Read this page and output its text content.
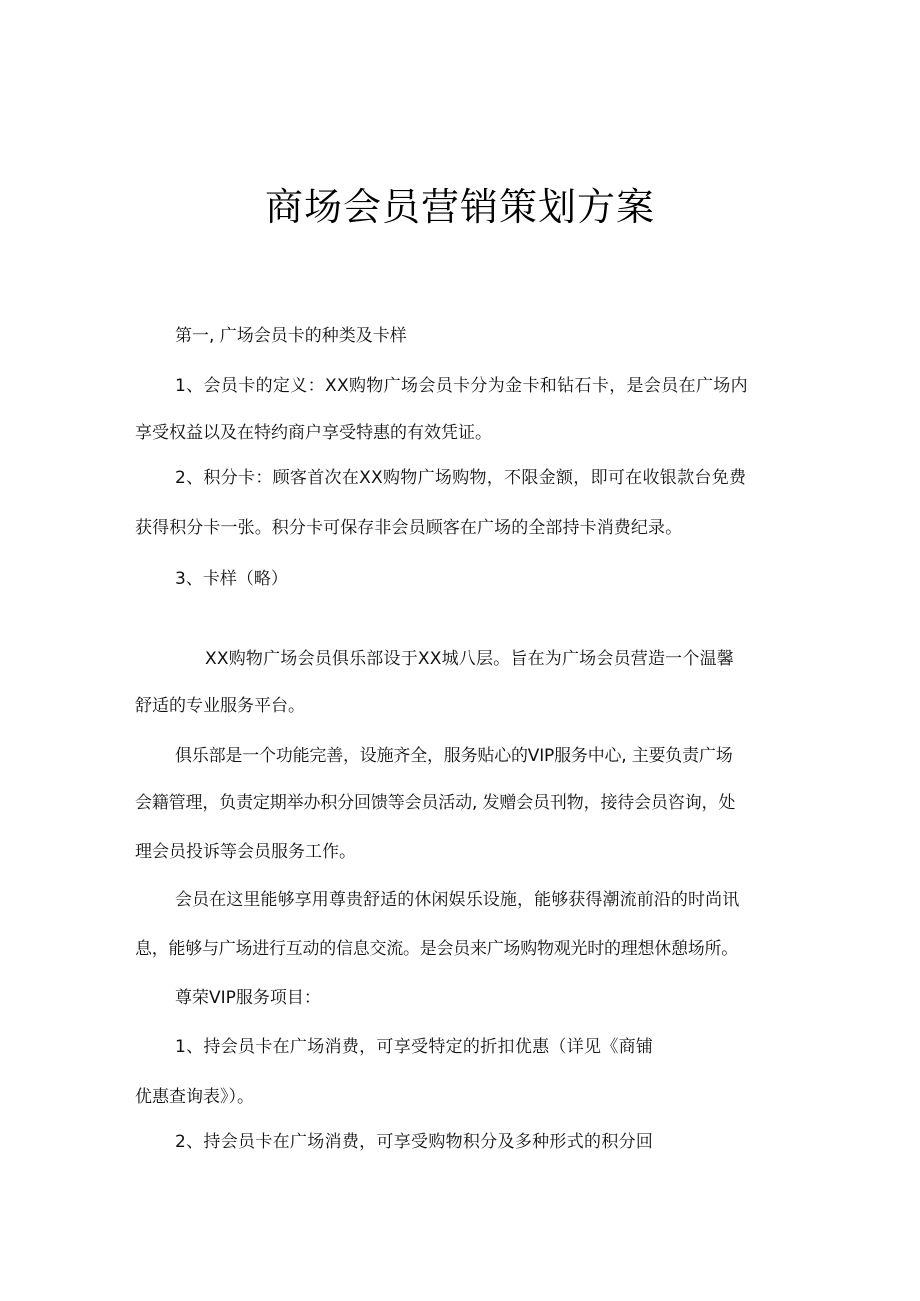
商场会员营销策划方案
第一, 广场会员卡的种类及卡样
1、会员卡的定义：XX购物广场会员卡分为金卡和钻石卡，是会员在广场内
享受权益以及在特约商户享受特惠的有效凭证。
2、积分卡：顾客首次在XX购物广场购物，不限金额，即可在收银款台免费
获得积分卡一张。积分卡可保存非会员顾客在广场的全部持卡消费纪录。
3、卡样（略）
XX购物广场会员俱乐部设于XX城八层。旨在为广场会员营造一个温馨
舒适的专业服务平台。
俱乐部是一个功能完善，设施齐全，服务贴心的VIP服务中心, 主要负责广场
会籍管理，负责定期举办积分回馈等会员活动, 发赠会员刊物，接待会员咨询，处
理会员投诉等会员服务工作。
会员在这里能够享用尊贵舒适的休闲娱乐设施，能够获得潮流前沿的时尚讯
息，能够与广场进行互动的信息交流。是会员来广场购物观光时的理想休憩场所。
尊荣VIP服务项目：
1、持会员卡在广场消费，可享受特定的折扣优惠（详见《商铺
优惠查询表》）。
2、持会员卡在广场消费，可享受购物积分及多种形式的积分回
